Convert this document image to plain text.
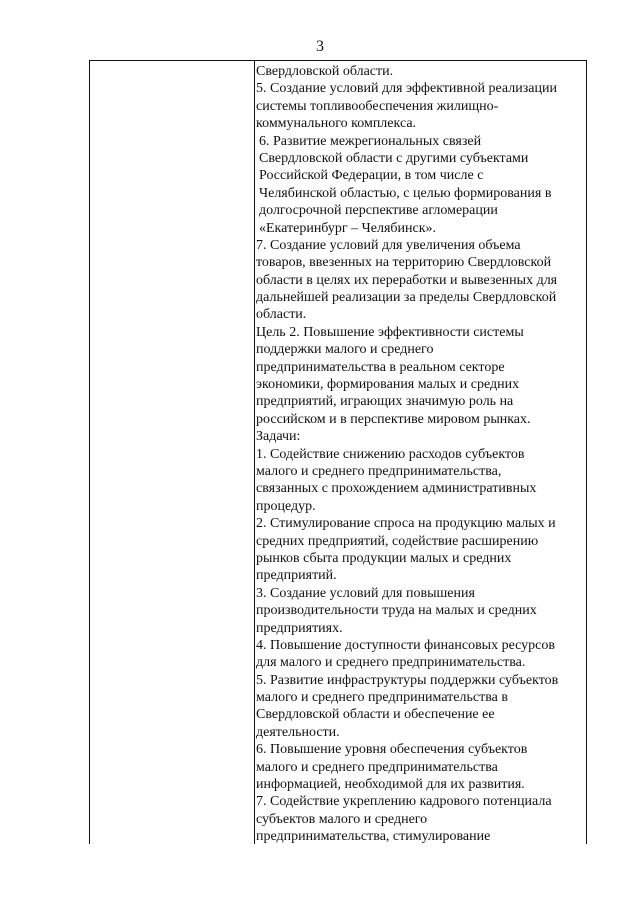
3
Свердловской области.
5. Создание условий для эффективной реализации
системы топливообеспечения жилищно-
коммунального комплекса.
6. Развитие межрегиональных связей
Свердловской области с другими субъектами
Российской Федерации, в том числе с
Челябинской областью, с целью формирования в
долгосрочной перспективе агломерации
«Екатеринбург – Челябинск».
7. Создание условий для увеличения объема
товаров, ввезенных на территорию Свердловской
области в целях их переработки и вывезенных для
дальнейшей реализации за пределы Свердловской
области.
Цель 2. Повышение эффективности системы
поддержки малого и среднего
предпринимательства в реальном секторе
экономики, формирования малых и средних
предприятий, играющих значимую роль на
российском и в перспективе мировом рынках.
Задачи:
1. Содействие снижению расходов субъектов
малого и среднего предпринимательства,
связанных с прохождением административных
процедур.
2. Стимулирование спроса на продукцию малых и
средних предприятий, содействие расширению
рынков сбыта продукции малых и средних
предприятий.
3. Создание условий для повышения
производительности труда на малых и средних
предприятиях.
4. Повышение доступности финансовых ресурсов
для малого и среднего предпринимательства.
5. Развитие инфраструктуры поддержки субъектов
малого и среднего предпринимательства в
Свердловской области и обеспечение ее
деятельности.
6. Повышение уровня обеспечения субъектов
малого и среднего предпринимательства
информацией, необходимой для их развития.
7. Содействие укреплению кадрового потенциала
субъектов малого и среднего
предпринимательства, стимулирование
